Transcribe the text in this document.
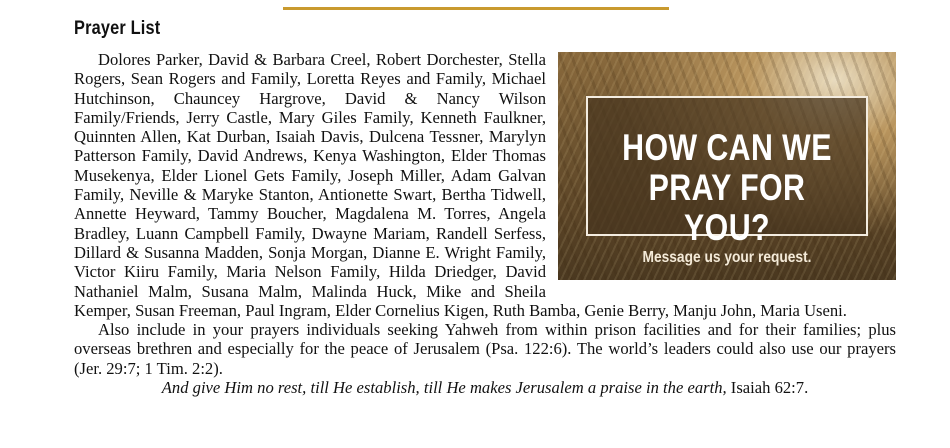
Prayer List
HOW CAN WE
PRAY FOR YOU?
Message us your request.

Dolores Parker, David & Barbara Creel, Robert Dorchester, Stella Rogers, Sean Rogers and Family, Loretta Reyes and Family, Michael Hutchinson, Chauncey Hargrove, David & Nancy Wilson Family/Friends, Jerry Castle, Mary Giles Family, Kenneth Faulkner, Quinnten Allen, Kat Durban, Isaiah Davis, Dulcena Tessner, Marylyn Patterson Family, David Andrews, Kenya Washington, Elder Thomas Musekenya, Elder Lionel Gets Family, Joseph Miller, Adam Galvan Family, Neville & Maryke Stanton, Antionette Swart, Bertha Tidwell, Annette Heyward, Tammy Boucher, Magdalena M. Torres, Angela Bradley, Luann Campbell Family, Dwayne Mariam, Randell Serfess, Dillard & Susanna Madden, Sonja Morgan, Dianne E. Wright Family, Victor Kiiru Family, Maria Nelson Family, Hilda Driedger, David Nathaniel Malm, Susana Malm, Malinda Huck, Mike and Sheila Kemper, Susan Freeman, Paul Ingram, Elder Cornelius Kigen, Ruth Bamba, Genie Berry, Manju John, Maria Useni.

Also include in your prayers individuals seeking Yahweh from within prison facilities and for their families; plus overseas brethren and especially for the peace of Jerusalem (Psa. 122:6). The world’s leaders could also use our prayers (Jer. 29:7; 1 Tim. 2:2).

And give Him no rest, till He establish, till He makes Jerusalem a praise in the earth, Isaiah 62:7.
